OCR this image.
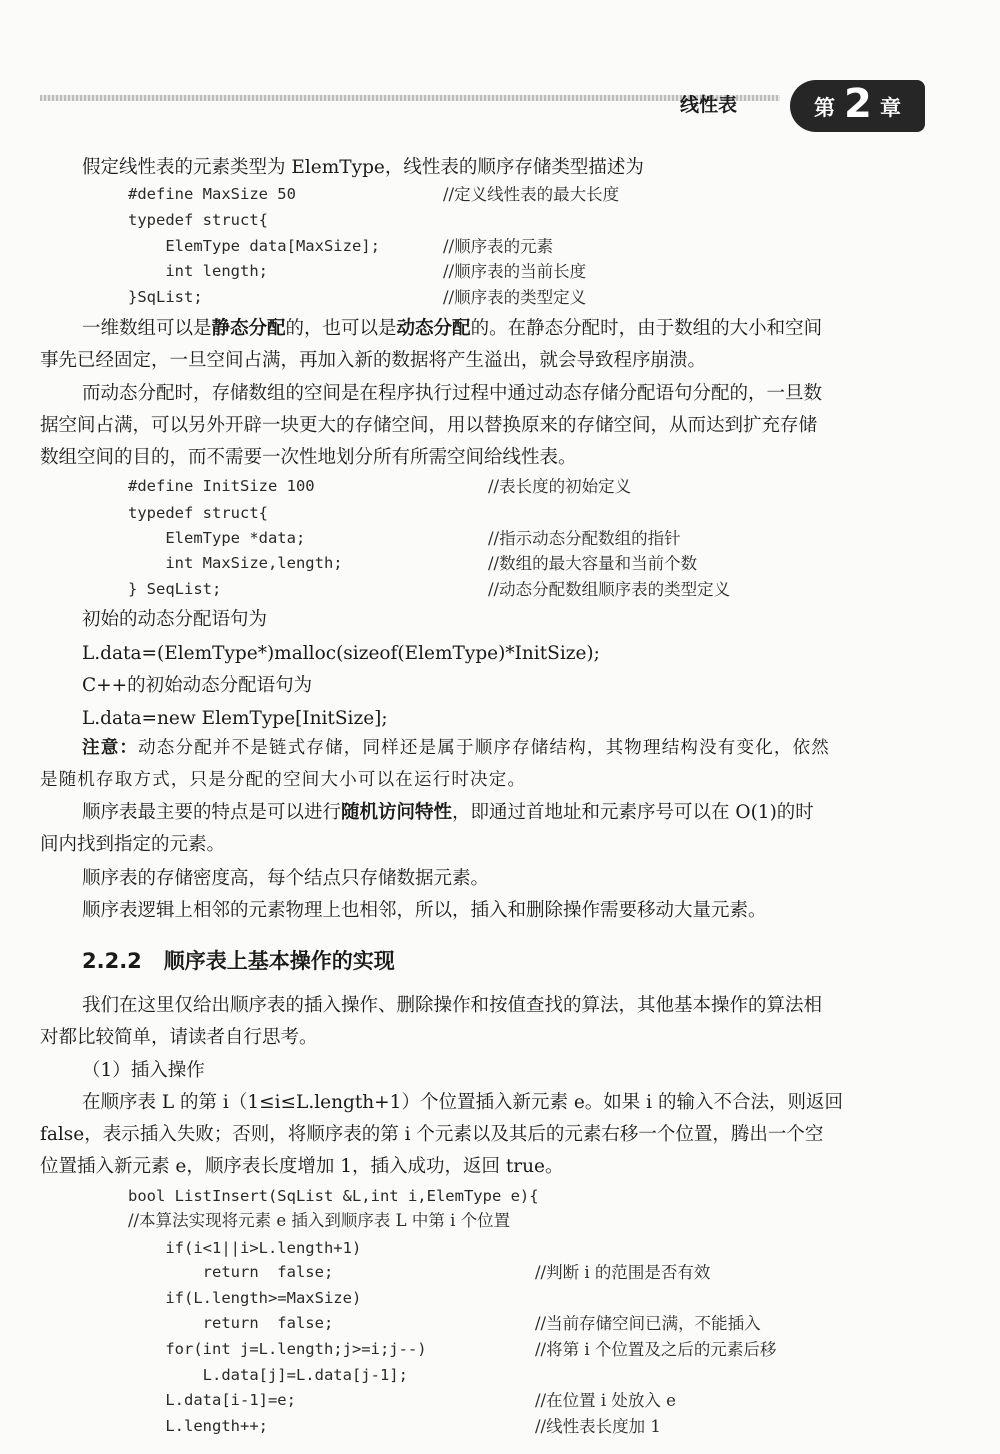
线性表	第 2 章
假定线性表的元素类型为 ElemType，线性表的顺序存储类型描述为
#define MaxSize 50
typedef struct{
ElemType data[MaxSize];
int length;
}SqList;
//定义线性表的最大长度
//顺序表的元素
//顺序表的当前长度
//顺序表的类型定义
一维数组可以是静态分配的，也可以是动态分配的。在静态分配时，由于数组的大小和空间
事先已经固定，一旦空间占满，再加入新的数据将产生溢出，就会导致程序崩溃。
而动态分配时，存储数组的空间是在程序执行过程中通过动态存储分配语句分配的，一旦数
据空间占满，可以另外开辟一块更大的存储空间，用以替换原来的存储空间，从而达到扩充存储
数组空间的目的，而不需要一次性地划分所有所需空间给线性表。
#define InitSize 100
typedef struct{
ElemType *data;
int MaxSize,length;
} SeqList;
//表长度的初始定义
//指示动态分配数组的指针
//数组的最大容量和当前个数
//动态分配数组顺序表的类型定义
初始的动态分配语句为
L.data=(ElemType*)malloc(sizeof(ElemType)*InitSize);
C++的初始动态分配语句为
L.data=new ElemType[InitSize];
注意：动态分配并不是链式存储，同样还是属于顺序存储结构，其物理结构没有变化，依然
是随机存取方式，只是分配的空间大小可以在运行时决定。
顺序表最主要的特点是可以进行随机访问特性，即通过首地址和元素序号可以在 O(1)的时
间内找到指定的元素。
顺序表的存储密度高，每个结点只存储数据元素。
顺序表逻辑上相邻的元素物理上也相邻，所以，插入和删除操作需要移动大量元素。
2.2.2 顺序表上基本操作的实现
我们在这里仅给出顺序表的插入操作、删除操作和按值查找的算法，其他基本操作的算法相
对都比较简单，请读者自行思考。
（1）插入操作
在顺序表 L 的第 i（1≤i≤L.length+1）个位置插入新元素 e。如果 i 的输入不合法，则返回
false，表示插入失败；否则，将顺序表的第 i 个元素以及其后的元素右移一个位置，腾出一个空
位置插入新元素 e，顺序表长度增加 1，插入成功，返回 true。
bool ListInsert(SqList &L,int i,ElemType e){
//本算法实现将元素 e 插入到顺序表 L 中第 i 个位置
if(i<1||i>L.length+1)
return  false;
if(L.length>=MaxSize)
return  false;
for(int j=L.length;j>=i;j--)
L.data[j]=L.data[j-1];
L.data[i-1]=e;
L.length++;
//判断 i 的范围是否有效
//当前存储空间已满，不能插入
//将第 i 个位置及之后的元素后移
//在位置 i 处放入 e
//线性表长度加 1
